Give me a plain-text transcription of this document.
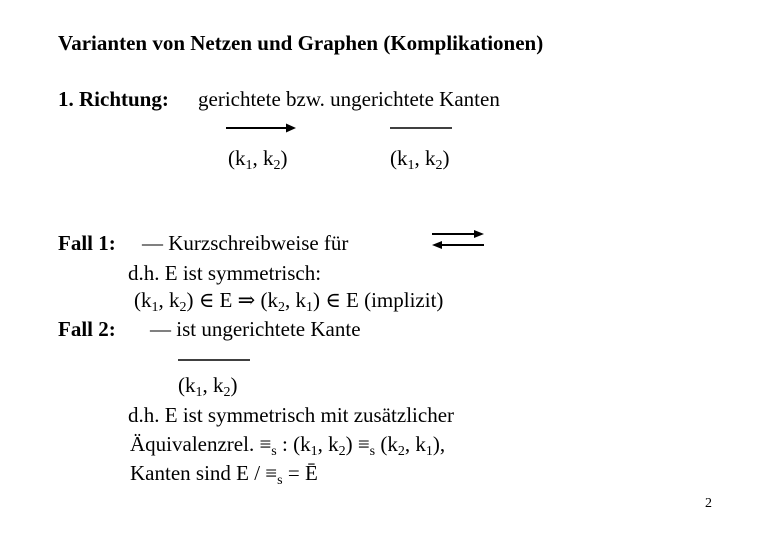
Varianten von Netzen und Graphen (Komplikationen)
1. Richtung: gerichtete bzw. ungerichtete Kanten
($k_1$, $k_2$)	($k_1$, $k_2$)
Fall 1: — Kurzschreibweise für
d.h. E ist symmetrisch:
($k_1$, $k_2$) ∈ E ⇒ ($k_2$, $k_1$) ∈ E (implizit)
Fall 2: — ist ungerichtete Kante
($k_1$, $k_2$)
d.h. E ist symmetrisch mit zusätzlicher
Äquivalenzrel. $\equiv_s$ : ($k_1$, $k_2) \equiv_s$ ($k_2$, $k_1$),
Kanten sind $E / \equiv_s$ = Ē
2
